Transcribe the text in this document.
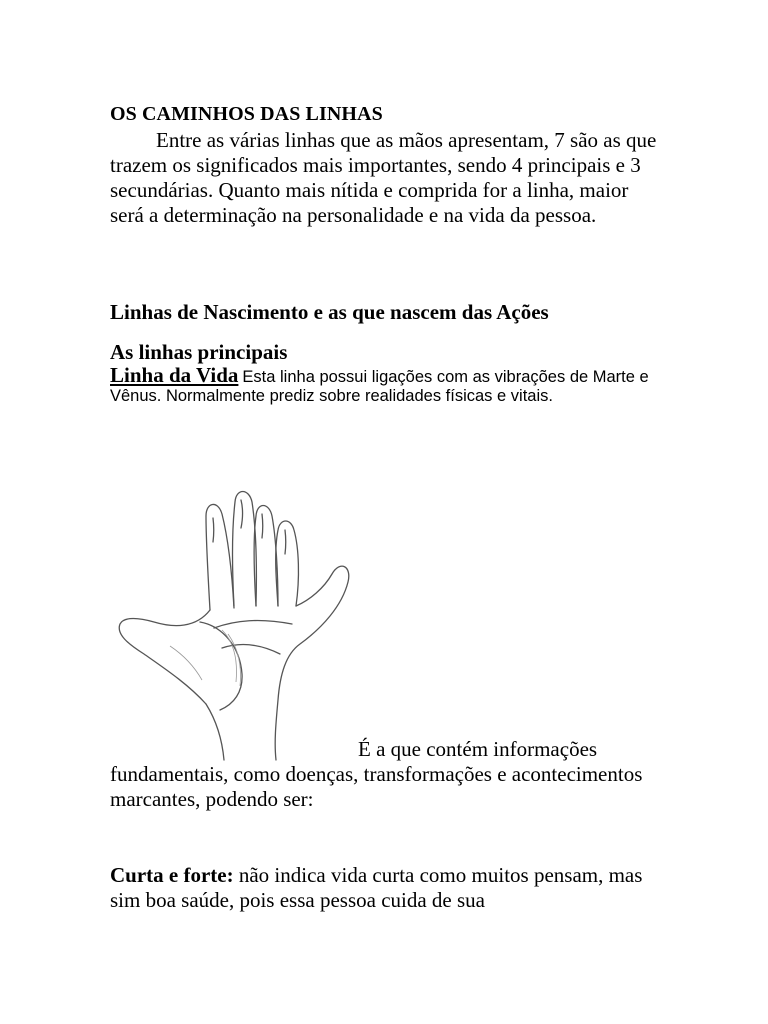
OS CAMINHOS DAS LINHAS

Entre as várias linhas que as mãos apresentam, 7 são as que trazem os significados mais importantes, sendo 4 principais e 3 secundárias. Quanto mais nítida e comprida for a linha, maior será a determinação na personalidade e na vida da pessoa.

Linhas de Nascimento e as que nascem das Ações
As linhas principais

Linha da Vida Esta linha possui ligações com as vibrações de Marte e Vênus. Normalmente prediz sobre realidades físicas e vitais.

É a que contém informações
fundamentais, como doenças, transformações e acontecimentos marcantes, podendo ser:

Curta e forte: não indica vida curta como muitos pensam, mas sim boa saúde, pois essa pessoa cuida de sua
